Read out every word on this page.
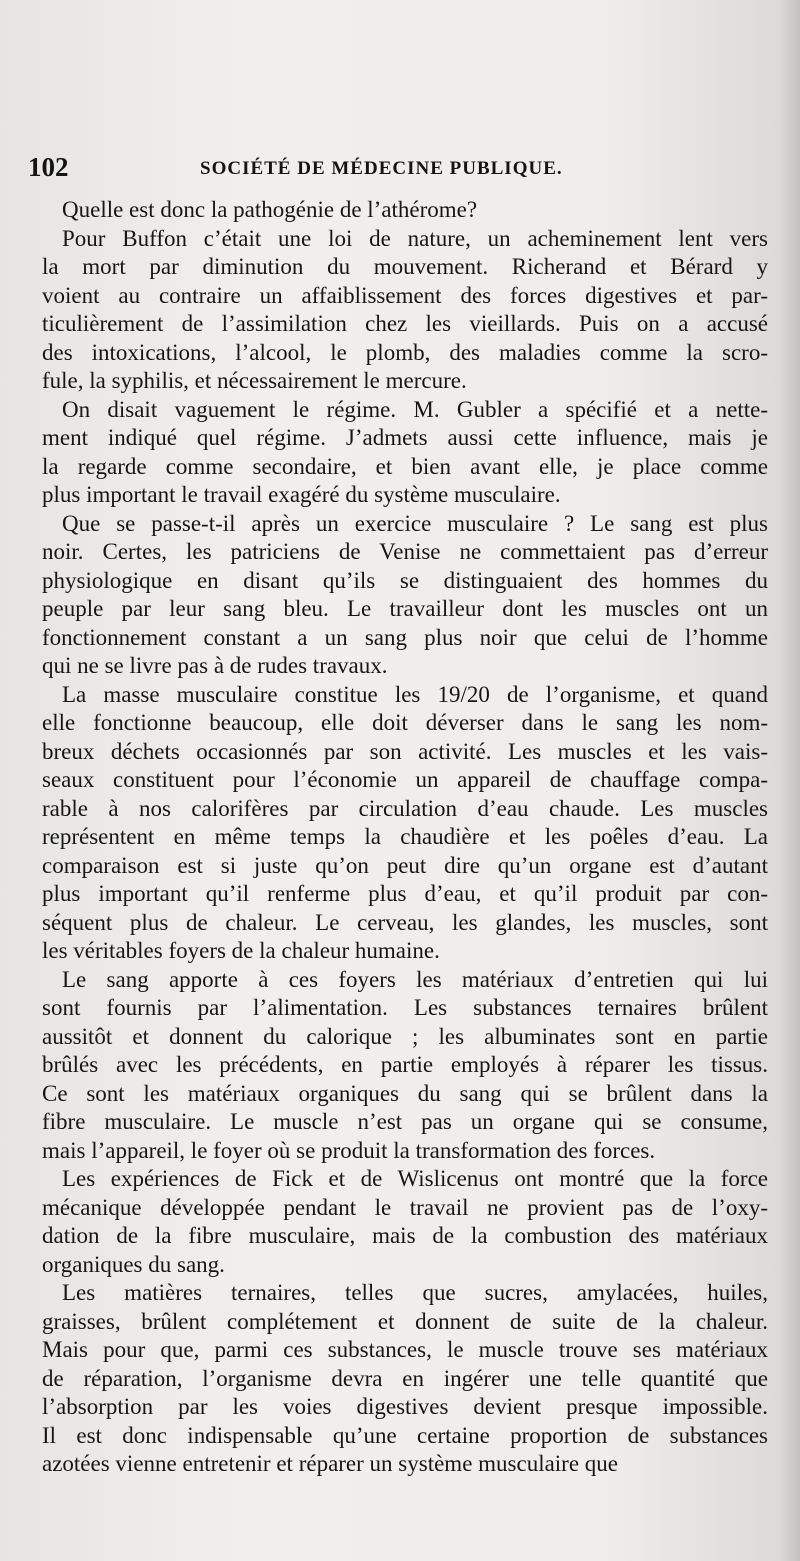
102	SOCIÉTÉ DE MÉDECINE PUBLIQUE.
Quelle est donc la pathogénie de l’athérome?
Pour Buffon c’était une loi de nature, un acheminement lent vers
la mort par diminution du mouvement. Richerand et Bérard y
voient au contraire un affaiblissement des forces digestives et par-
ticulièrement de l’assimilation chez les vieillards. Puis on a accusé
des intoxications, l’alcool, le plomb, des maladies comme la scro-
fule, la syphilis, et nécessairement le mercure.
On disait vaguement le régime. M. Gubler a spécifié et a nette-
ment indiqué quel régime. J’admets aussi cette influence, mais je
la regarde comme secondaire, et bien avant elle, je place comme
plus important le travail exagéré du système musculaire.
Que se passe-t-il après un exercice musculaire ? Le sang est plus
noir. Certes, les patriciens de Venise ne commettaient pas d’erreur
physiologique en disant qu’ils se distinguaient des hommes du
peuple par leur sang bleu. Le travailleur dont les muscles ont un
fonctionnement constant a un sang plus noir que celui de l’homme
qui ne se livre pas à de rudes travaux.
La masse musculaire constitue les 19/20 de l’organisme, et quand
elle fonctionne beaucoup, elle doit déverser dans le sang les nom-
breux déchets occasionnés par son activité. Les muscles et les vais-
seaux constituent pour l’économie un appareil de chauffage compa-
rable à nos calorifères par circulation d’eau chaude. Les muscles
représentent en même temps la chaudière et les poêles d’eau. La
comparaison est si juste qu’on peut dire qu’un organe est d’autant
plus important qu’il renferme plus d’eau, et qu’il produit par con-
séquent plus de chaleur. Le cerveau, les glandes, les muscles, sont
les véritables foyers de la chaleur humaine.
Le sang apporte à ces foyers les matériaux d’entretien qui lui
sont fournis par l’alimentation. Les substances ternaires brûlent
aussitôt et donnent du calorique ; les albuminates sont en partie
brûlés avec les précédents, en partie employés à réparer les tissus.
Ce sont les matériaux organiques du sang qui se brûlent dans la
fibre musculaire. Le muscle n’est pas un organe qui se consume,
mais l’appareil, le foyer où se produit la transformation des forces.
Les expériences de Fick et de Wislicenus ont montré que la force
mécanique développée pendant le travail ne provient pas de l’oxy-
dation de la fibre musculaire, mais de la combustion des matériaux
organiques du sang.
Les matières ternaires, telles que sucres, amylacées, huiles,
graisses, brûlent complétement et donnent de suite de la chaleur.
Mais pour que, parmi ces substances, le muscle trouve ses matériaux
de réparation, l’organisme devra en ingérer une telle quantité que
l’absorption par les voies digestives devient presque impossible.
Il est donc indispensable qu’une certaine proportion de substances
azotées vienne entretenir et réparer un système musculaire que
